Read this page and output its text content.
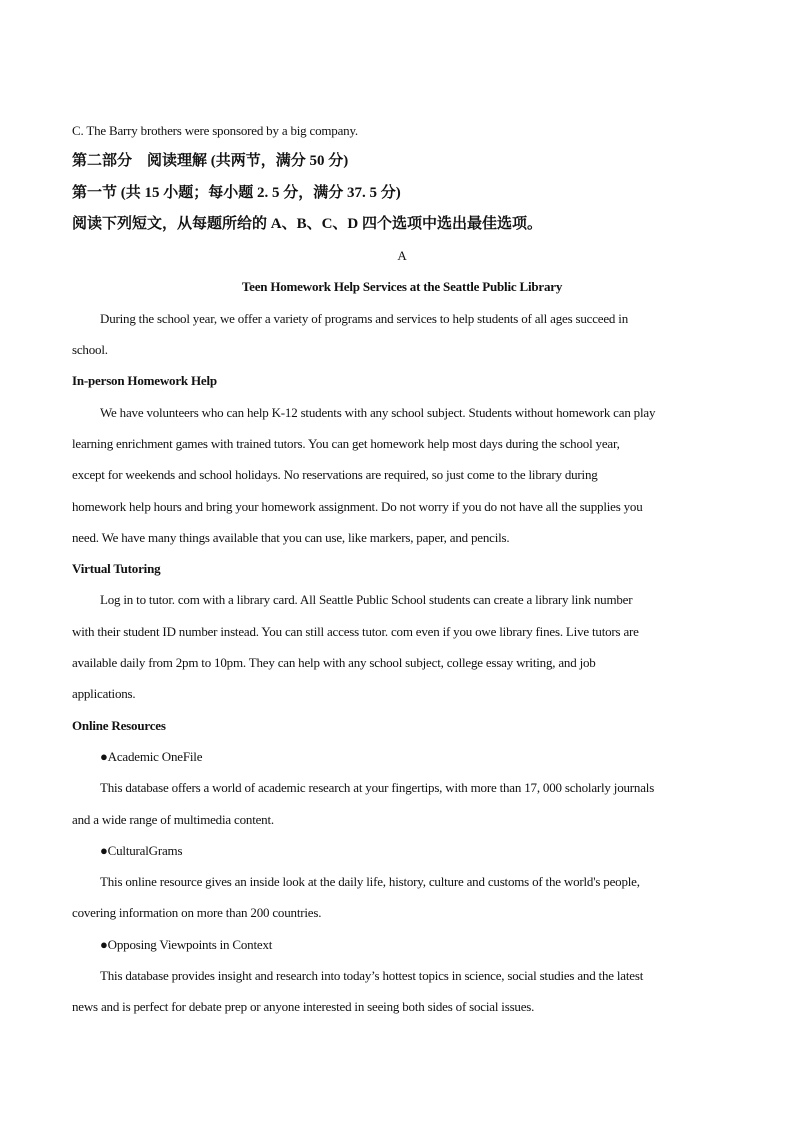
C. The Barry brothers were sponsored by a big company.
第二部分　阅读理解 (共两节，满分 50 分)
第一节 (共 15 小题；每小题 2. 5 分，满分 37. 5 分)
阅读下列短文，从每题所给的 A、B、C、D 四个选项中选出最佳选项。
A
Teen Homework Help Services at the Seattle Public Library
During the school year, we offer a variety of programs and services to help students of all ages succeed in
school.
In-person Homework Help
We have volunteers who can help K-12 students with any school subject. Students without homework can play
learning enrichment games with trained tutors. You can get homework help most days during the school year,
except for weekends and school holidays. No reservations are required, so just come to the library during
homework help hours and bring your homework assignment. Do not worry if you do not have all the supplies you
need. We have many things available that you can use, like markers, paper, and pencils.
Virtual Tutoring
Log in to tutor. com with a library card. All Seattle Public School students can create a library link number
with their student ID number instead. You can still access tutor. com even if you owe library fines. Live tutors are
available daily from 2pm to 10pm. They can help with any school subject, college essay writing, and job
applications.
Online Resources
●Academic OneFile
This database offers a world of academic research at your fingertips, with more than 17, 000 scholarly journals
and a wide range of multimedia content.
●CulturalGrams
This online resource gives an inside look at the daily life, history, culture and customs of the world's people,
covering information on more than 200 countries.
●Opposing Viewpoints in Context
This database provides insight and research into today’s hottest topics in science, social studies and the latest
news and is perfect for debate prep or anyone interested in seeing both sides of social issues.
